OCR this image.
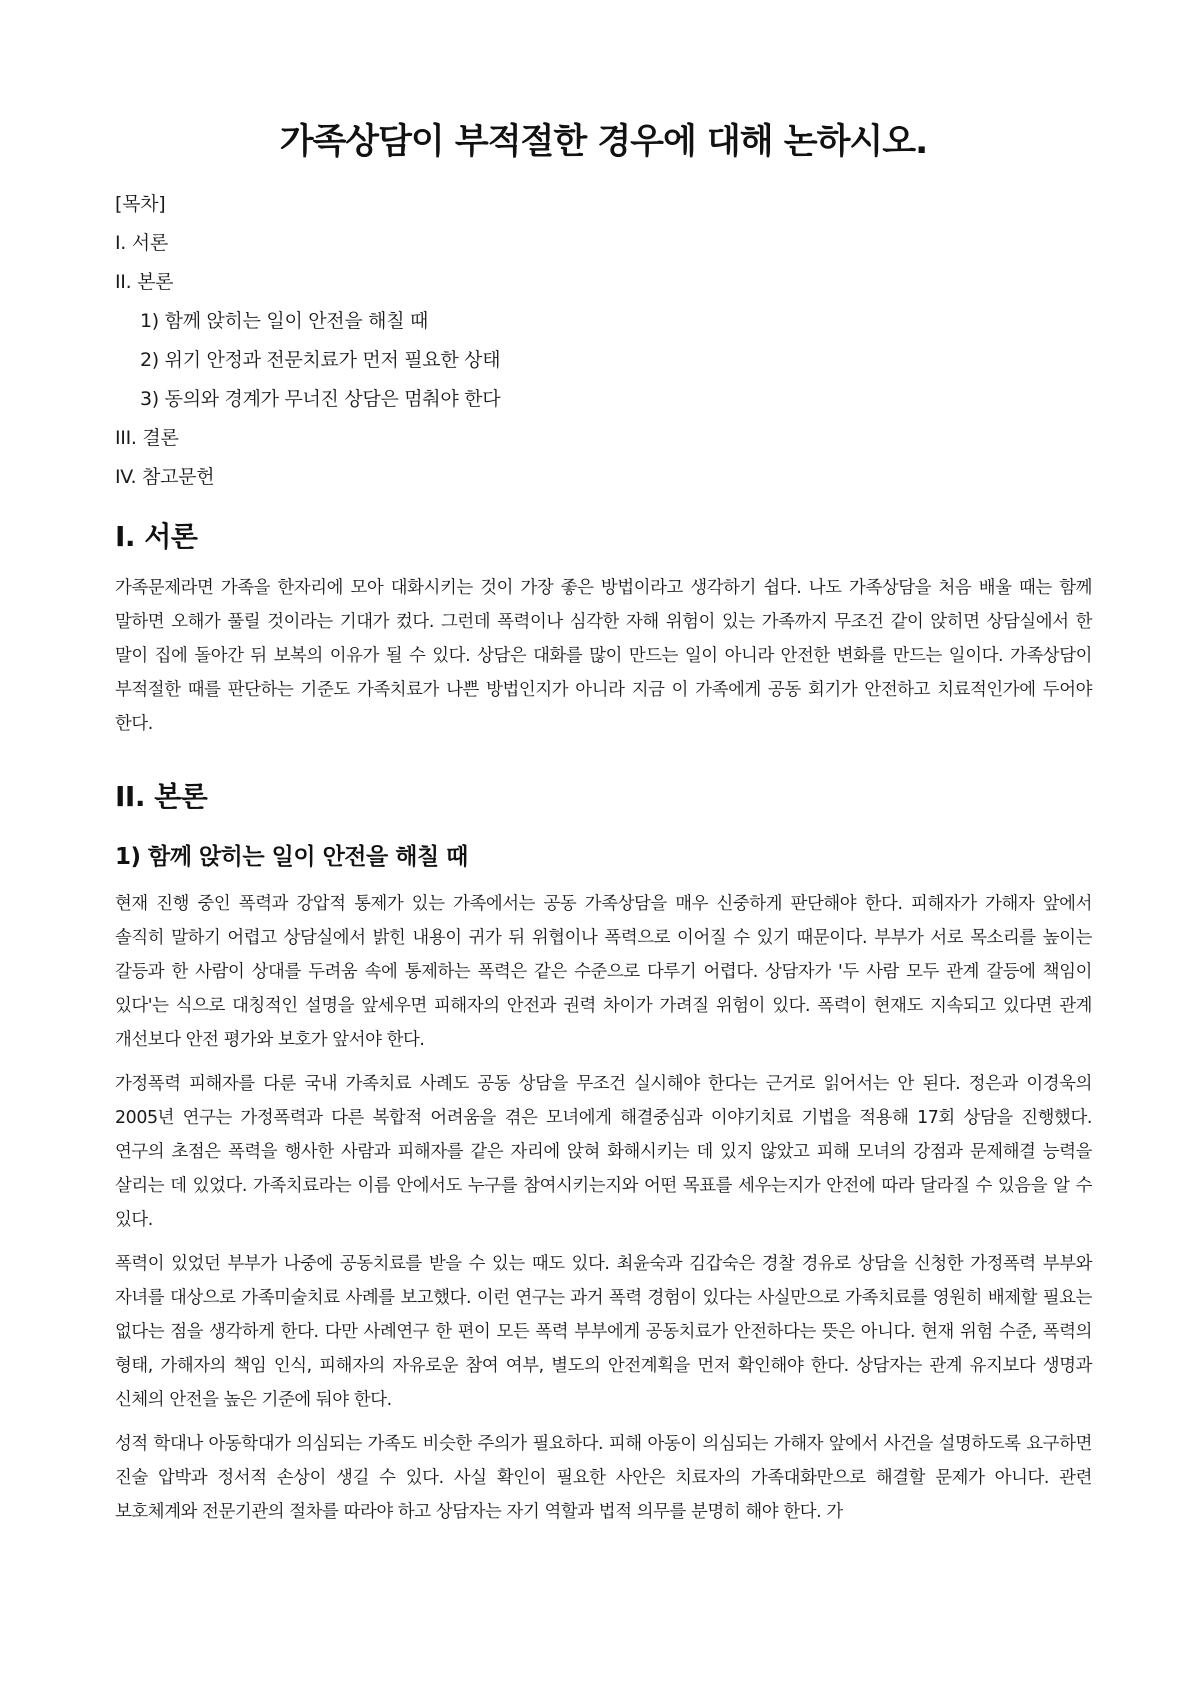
가족상담이 부적절한 경우에 대해 논하시오.
[목차]
I. 서론
II. 본론
1) 함께 앉히는 일이 안전을 해칠 때
2) 위기 안정과 전문치료가 먼저 필요한 상태
3) 동의와 경계가 무너진 상담은 멈춰야 한다
III. 결론
IV. 참고문헌
I. 서론

가족문제라면 가족을 한자리에 모아 대화시키는 것이 가장 좋은 방법이라고 생각하기 쉽다. 나도 가족상담을 처음 배울 때는 함께 말하면 오해가 풀릴 것이라는 기대가 컸다. 그런데 폭력이나 심각한 자해 위험이 있는 가족까지 무조건 같이 앉히면 상담실에서 한 말이 집에 돌아간 뒤 보복의 이유가 될 수 있다. 상담은 대화를 많이 만드는 일이 아니라 안전한 변화를 만드는 일이다. 가족상담이 부적절한 때를 판단하는 기준도 가족치료가 나쁜 방법인지가 아니라 지금 이 가족에게 공동 회기가 안전하고 치료적인가에 두어야 한다.

II. 본론
1) 함께 앉히는 일이 안전을 해칠 때

현재 진행 중인 폭력과 강압적 통제가 있는 가족에서는 공동 가족상담을 매우 신중하게 판단해야 한다. 피해자가 가해자 앞에서 솔직히 말하기 어렵고 상담실에서 밝힌 내용이 귀가 뒤 위협이나 폭력으로 이어질 수 있기 때문이다. 부부가 서로 목소리를 높이는 갈등과 한 사람이 상대를 두려움 속에 통제하는 폭력은 같은 수준으로 다루기 어렵다. 상담자가 '두 사람 모두 관계 갈등에 책임이 있다'는 식으로 대칭적인 설명을 앞세우면 피해자의 안전과 권력 차이가 가려질 위험이 있다. 폭력이 현재도 지속되고 있다면 관계 개선보다 안전 평가와 보호가 앞서야 한다.

가정폭력 피해자를 다룬 국내 가족치료 사례도 공동 상담을 무조건 실시해야 한다는 근거로 읽어서는 안 된다. 정은과 이경욱의 2005년 연구는 가정폭력과 다른 복합적 어려움을 겪은 모녀에게 해결중심과 이야기치료 기법을 적용해 17회 상담을 진행했다. 연구의 초점은 폭력을 행사한 사람과 피해자를 같은 자리에 앉혀 화해시키는 데 있지 않았고 피해 모녀의 강점과 문제해결 능력을 살리는 데 있었다. 가족치료라는 이름 안에서도 누구를 참여시키는지와 어떤 목표를 세우는지가 안전에 따라 달라질 수 있음을 알 수 있다.

폭력이 있었던 부부가 나중에 공동치료를 받을 수 있는 때도 있다. 최윤숙과 김갑숙은 경찰 경유로 상담을 신청한 가정폭력 부부와 자녀를 대상으로 가족미술치료 사례를 보고했다. 이런 연구는 과거 폭력 경험이 있다는 사실만으로 가족치료를 영원히 배제할 필요는 없다는 점을 생각하게 한다. 다만 사례연구 한 편이 모든 폭력 부부에게 공동치료가 안전하다는 뜻은 아니다. 현재 위험 수준, 폭력의 형태, 가해자의 책임 인식, 피해자의 자유로운 참여 여부, 별도의 안전계획을 먼저 확인해야 한다. 상담자는 관계 유지보다 생명과 신체의 안전을 높은 기준에 둬야 한다.

성적 학대나 아동학대가 의심되는 가족도 비슷한 주의가 필요하다. 피해 아동이 의심되는 가해자 앞에서 사건을 설명하도록 요구하면 진술 압박과 정서적 손상이 생길 수 있다. 사실 확인이 필요한 사안은 치료자의 가족대화만으로 해결할 문제가 아니다. 관련 보호체계와 전문기관의 절차를 따라야 하고 상담자는 자기 역할과 법적 의무를 분명히 해야 한다. 가
